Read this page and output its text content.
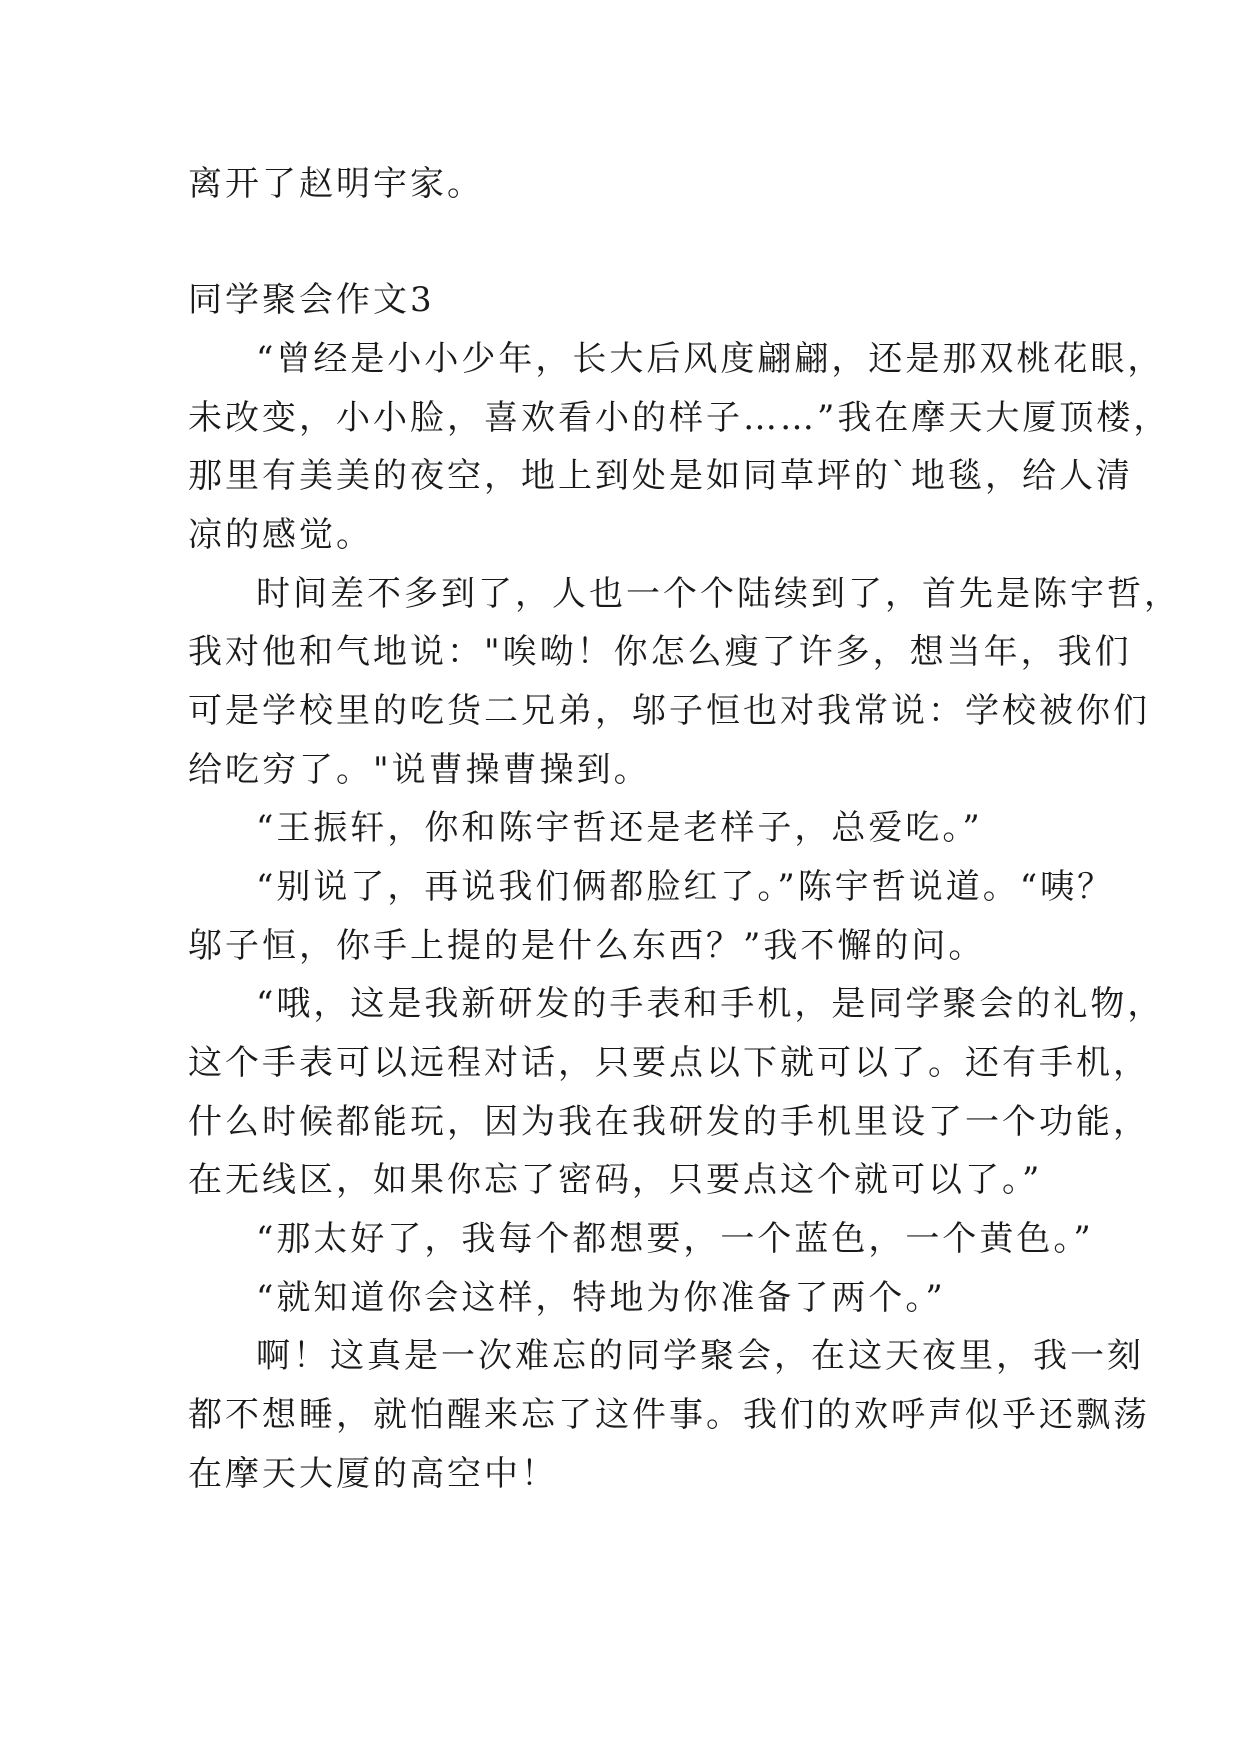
离开了赵明宇家。
同学聚会作文3
“曾经是小小少年，长大后风度翩翩，还是那双桃花眼，
未改变，小小脸，喜欢看小的样子……”我在摩天大厦顶楼，
那里有美美的夜空，地上到处是如同草坪的`地毯，给人清
凉的感觉。
时间差不多到了，人也一个个陆续到了，首先是陈宇哲，
我对他和气地说："唉呦！你怎么瘦了许多，想当年，我们
可是学校里的吃货二兄弟，邬子恒也对我常说：学校被你们
给吃穷了。"说曹操曹操到。
“王振轩，你和陈宇哲还是老样子，总爱吃。”
“别说了，再说我们俩都脸红了。”陈宇哲说道。“咦？
邬子恒，你手上提的是什么东西？”我不懈的问。
“哦，这是我新研发的手表和手机，是同学聚会的礼物，
这个手表可以远程对话，只要点以下就可以了。还有手机，
什么时候都能玩，因为我在我研发的手机里设了一个功能，
在无线区，如果你忘了密码，只要点这个就可以了。”
“那太好了，我每个都想要，一个蓝色，一个黄色。”
“就知道你会这样，特地为你准备了两个。”
啊！这真是一次难忘的同学聚会，在这天夜里，我一刻
都不想睡，就怕醒来忘了这件事。我们的欢呼声似乎还飘荡
在摩天大厦的高空中！
